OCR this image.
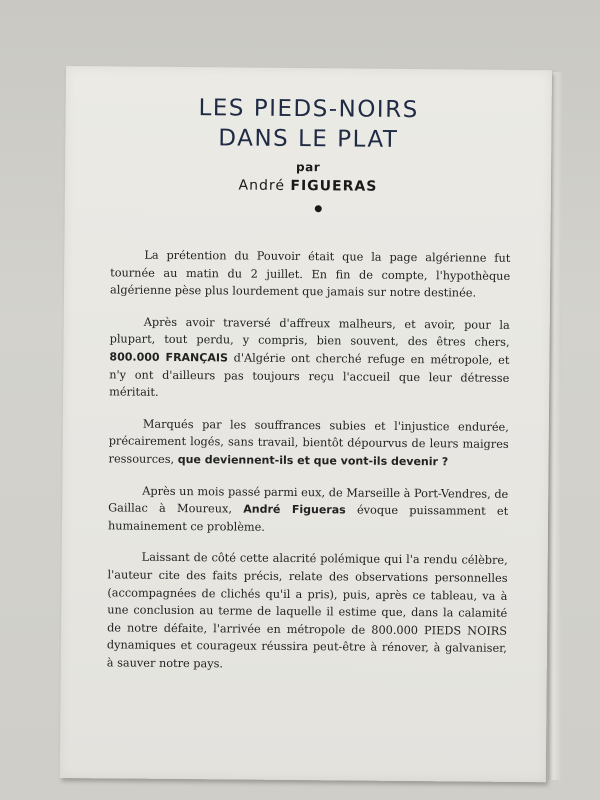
LES PIEDS-NOIRS
DANS LE PLAT
par
André FIGUERAS

La prétention du Pouvoir était que la page algérienne fut tournée au matin du 2 juillet. En fin de compte, l'hypothèque algérienne pèse plus lourdement que jamais sur notre destinée.

Après avoir traversé d'affreux malheurs, et avoir, pour la plupart, tout perdu, y compris, bien souvent, des êtres chers, 800.000 FRANÇAIS d'Algérie ont cherché refuge en métropole, et n'y ont d'ailleurs pas toujours reçu l'accueil que leur détresse méritait.

Marqués par les souffrances subies et l'injustice endurée, précairement logés, sans travail, bientôt dépourvus de leurs maigres ressources, que deviennent-ils et que vont-ils devenir ?

Après un mois passé parmi eux, de Marseille à Port-Vendres, de Gaillac à Moureux, André Figueras évoque puissamment et humainement ce problème.

Laissant de côté cette alacrité polémique qui l'a rendu célèbre, l'auteur cite des faits précis, relate des observations personnelles (accompagnées de clichés qu'il a pris), puis, après ce tableau, va à une conclusion au terme de laquelle il estime que, dans la calamité de notre défaite, l'arrivée en métropole de 800.000 PIEDS NOIRS dynamiques et courageux réussira peut-être à rénover, à galvaniser, à sauver notre pays.
